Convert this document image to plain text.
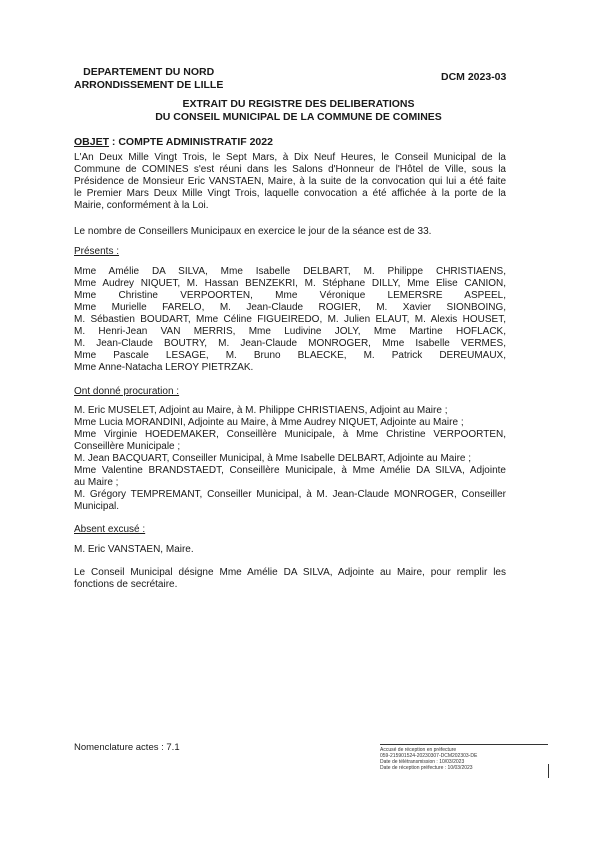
DEPARTEMENT DU NORD
ARRONDISSEMENT DE LILLE
DCM 2023-03
EXTRAIT DU REGISTRE DES DELIBERATIONS
DU CONSEIL MUNICIPAL DE LA COMMUNE DE COMINES
OBJET : COMPTE ADMINISTRATIF 2022
L'An Deux Mille Vingt Trois, le Sept Mars, à Dix Neuf Heures, le Conseil Municipal de la
Commune de COMINES s'est réuni dans les Salons d'Honneur de l'Hôtel de Ville, sous la
Présidence de Monsieur Eric VANSTAEN, Maire, à la suite de la convocation qui lui a été faite
le Premier Mars Deux Mille Vingt Trois, laquelle convocation a été affichée à la porte de la
Mairie, conformément à la Loi.
Le nombre de Conseillers Municipaux en exercice le jour de la séance est de 33.
Présents :
Mme Amélie DA SILVA, Mme Isabelle DELBART, M. Philippe CHRISTIAENS,
Mme Audrey NIQUET, M. Hassan BENZEKRI, M. Stéphane DILLY, Mme Elise CANION,
Mme Christine VERPOORTEN, Mme Véronique LEMERSRE ASPEEL,
Mme Murielle FARELO, M. Jean-Claude ROGIER, M. Xavier SIONBOING,
M. Sébastien BOUDART, Mme Céline FIGUEIREDO, M. Julien ELAUT, M. Alexis HOUSET,
M. Henri-Jean VAN MERRIS, Mme Ludivine JOLY, Mme Martine HOFLACK,
M. Jean-Claude BOUTRY, M. Jean-Claude MONROGER, Mme Isabelle VERMES,
Mme Pascale LESAGE, M. Bruno BLAECKE, M. Patrick DEREUMAUX,
Mme Anne-Natacha LEROY PIETRZAK.
Ont donné procuration :
M. Eric MUSELET, Adjoint au Maire, à M. Philippe CHRISTIAENS, Adjoint au Maire ;
Mme Lucia MORANDINI, Adjointe au Maire, à Mme Audrey NIQUET, Adjointe au Maire ;
Mme Virginie HOEDEMAKER, Conseillère Municipale, à Mme Christine VERPOORTEN,
Conseillère Municipale ;
M. Jean BACQUART, Conseiller Municipal, à Mme Isabelle DELBART, Adjointe au Maire ;
Mme Valentine BRANDSTAEDT, Conseillère Municipale, à Mme Amélie DA SILVA, Adjointe
au Maire ;
M. Grégory TEMPREMANT, Conseiller Municipal, à M. Jean-Claude MONROGER, Conseiller
Municipal.
Absent excusé :
M. Eric VANSTAEN, Maire.
Le Conseil Municipal désigne Mme Amélie DA SILVA, Adjointe au Maire, pour remplir les
fonctions de secrétaire.
Nomenclature actes : 7.1	Accusé de réception en préfecture
059-215901524-20230307-DCM202303-DE
Date de télétransmission : 10/03/2023
Date de réception préfecture : 10/03/2023
